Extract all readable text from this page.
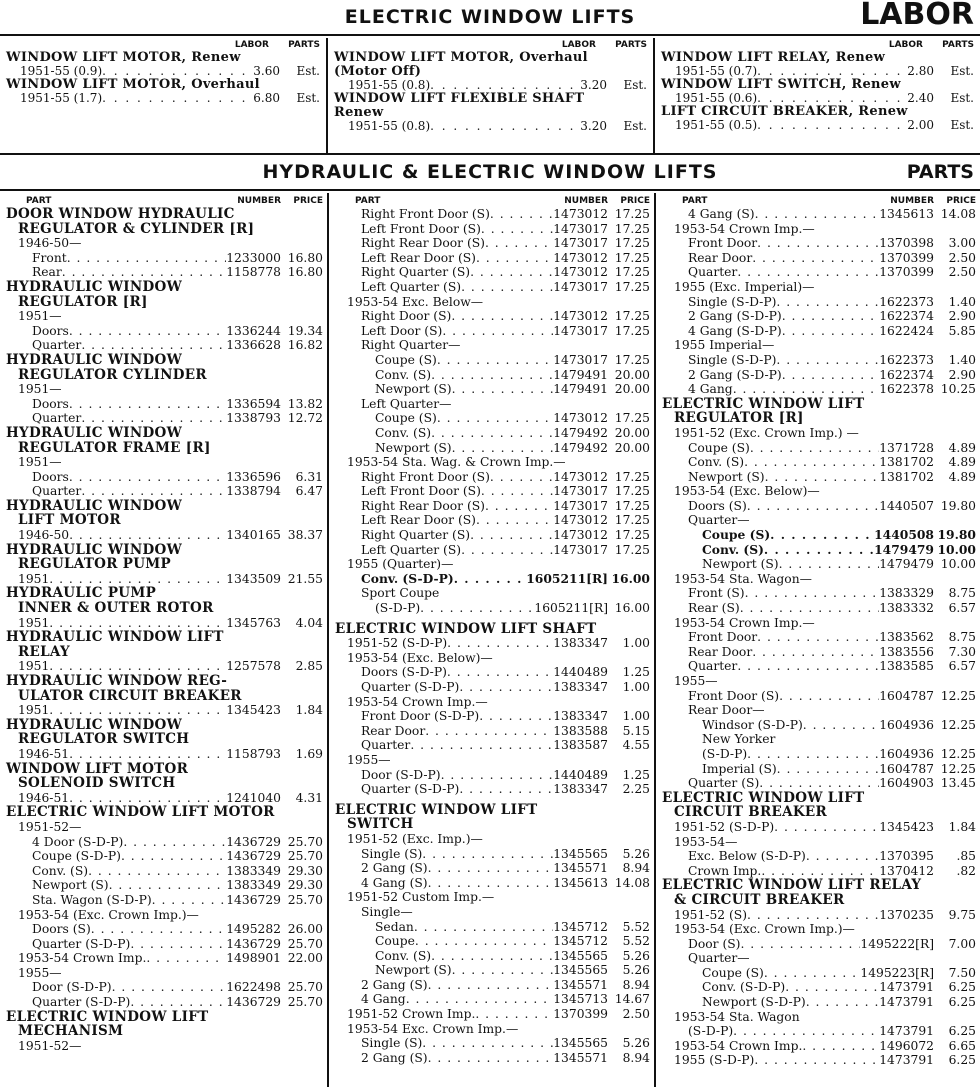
ELECTRIC WINDOW LIFTS	LABOR
LABOR PARTS
WINDOW LIFT MOTOR, Renew
1951-55 (0.9) . . .	3.60	Est.
WINDOW LIFT MOTOR, Overhaul
1951-55 (1.7) . . .	6.80	Est.
LABOR PARTS
WINDOW LIFT MOTOR, Overhaul
(Motor Off)
1951-55 (0.8) . . .	3.20	Est.
WINDOW LIFT FLEXIBLE SHAFT
Renew
1951-55 (0.8) . . .	3.20	Est.
LABOR PARTS
WINDOW LIFT RELAY, Renew
1951-55 (0.7) . . .	2.80	Est.
WINDOW LIFT SWITCH, Renew
1951-55 (0.6) . . .	2.40	Est.
LIFT CIRCUIT BREAKER, Renew
1951-55 (0.5) . . .	2.00	Est.
HYDRAULIC & ELECTRIC WINDOW LIFTS	PARTS
PART	NUMBER	PRICE
DOOR WINDOW HYDRAULIC
REGULATOR & CYLINDER [R]
1946-50—
Front . . .	1233000 16.80
Rear . . .	1158778 16.80
HYDRAULIC WINDOW
REGULATOR [R]
1951—
Doors . . .	1336244 19.34
Quarter . . .	1336628 16.82
HYDRAULIC WINDOW
REGULATOR CYLINDER
1951—
Doors . . .	1336594 13.82
Quarter . . .	1338793 12.72
HYDRAULIC WINDOW
REGULATOR FRAME [R]
1951—
Doors . . .	1336596	6.31
Quarter . . .	1338794	6.47
HYDRAULIC WINDOW
LIFT MOTOR
1946-50 . . .	1340165 38.37
HYDRAULIC WINDOW
REGULATOR PUMP
1951 . . .	1343509 21.55
HYDRAULIC PUMP
INNER & OUTER ROTOR
1951 . . .	1345763	4.04
HYDRAULIC WINDOW LIFT
RELAY
1951 . . .	1257578	2.85
HYDRAULIC WINDOW REG-
ULATOR CIRCUIT BREAKER
1951 . . .	1345423	1.84
HYDRAULIC WINDOW
REGULATOR SWITCH
1946-51 . . .	1158793	1.69
WINDOW LIFT MOTOR
SOLENOID SWITCH
1946-51 . . .	1241040	4.31
ELECTRIC WINDOW LIFT MOTOR
1951-52—
4 Door (S-D-P) . . .	1436729 25.70
Coupe (S-D-P) . . .	1436729 25.70
Conv. (S) . . .	1383349 29.30
Newport (S) . . .	1383349 29.30
Sta. Wagon (S-D-P) . . .	1436729 25.70
1953-54 (Exc. Crown Imp.)—
Doors (S) . . .	1495282 26.00
Quarter (S-D-P) . . .	1436729 25.70
1953-54 Crown Imp. . . .	1498901 22.00
1955—
Door (S-D-P) . . .	1622498 25.70
Quarter (S-D-P) . . .	1436729 25.70
ELECTRIC WINDOW LIFT
MECHANISM
1951-52—
PART	NUMBER	PRICE
Right Front Door (S) . . .	1473012 17.25
Left Front Door (S) . . .	1473017 17.25
Right Rear Door (S) . . .	1473017 17.25
Left Rear Door (S) . . .	1473012 17.25
Right Quarter (S) . . .	1473012 17.25
Left Quarter (S) . . .	1473017 17.25
1953-54 Exc. Below—
Right Door (S) . . .	1473012 17.25
Left Door (S) . . .	1473017 17.25
Right Quarter—
Coupe (S) . . .	1473017 17.25
Conv. (S) . . .	1479491 20.00
Newport (S) . . .	1479491 20.00
Left Quarter—
Coupe (S) . . .	1473012 17.25
Conv. (S) . . .	1479492 20.00
Newport (S) . . .	1479492 20.00
1953-54 Sta. Wag. & Crown Imp.—
Right Front Door (S) . . .	1473012 17.25
Left Front Door (S) . . .	1473017 17.25
Right Rear Door (S) . . .	1473017 17.25
Left Rear Door (S) . . .	1473012 17.25
Right Quarter (S) . . .	1473012 17.25
Left Quarter (S) . . .	1473017 17.25
1955 (Quarter)—
Conv. (S-D-P) . . .	1605211[R] 16.00
Sport Coupe
(S-D-P) . . .	1605211[R] 16.00
ELECTRIC WINDOW LIFT SHAFT
1951-52 (S-D-P) . . .	1383347	1.00
1953-54 (Exc. Below)—
Doors (S-D-P) . . .	1440489	1.25
Quarter (S-D-P) . . .	1383347	1.00
1953-54 Crown Imp.—
Front Door (S-D-P) . . .	1383347	1.00
Rear Door . . .	1383588	5.15
Quarter . . .	1383587	4.55
1955—
Door (S-D-P) . . .	1440489	1.25
Quarter (S-D-P) . . .	1383347	2.25
ELECTRIC WINDOW LIFT
SWITCH
1951-52 (Exc. Imp.)—
Single (S) . . .	1345565	5.26
2 Gang (S) . . .	1345571	8.94
4 Gang (S) . . .	1345613 14.08
1951-52 Custom Imp.—
Single—
Sedan . . .	1345712	5.52
Coupe . . .	1345712	5.52
Conv. (S) . . .	1345565	5.26
Newport (S) . . .	1345565	5.26
2 Gang (S) . . .	1345571	8.94
4 Gang . . .	1345713 14.67
1951-52 Crown Imp. . . .	1370399	2.50
1953-54 Exc. Crown Imp.—
Single (S) . . .	1345565	5.26
2 Gang (S) . . .	1345571	8.94
PART	NUMBER	PRICE
4 Gang (S) . . .	1345613 14.08
1953-54 Crown Imp.—
Front Door . . .	1370398	3.00
Rear Door . . .	1370399	2.50
Quarter . . .	1370399	2.50
1955 (Exc. Imperial)—
Single (S-D-P) . . .	1622373	1.40
2 Gang (S-D-P) . . .	1622374	2.90
4 Gang (S-D-P) . . .	1622424	5.85
1955 Imperial—
Single (S-D-P) . . .	1622373	1.40
2 Gang (S-D-P) . . .	1622374	2.90
4 Gang . . .	1622378 10.25
ELECTRIC WINDOW LIFT
REGULATOR [R]
1951-52 (Exc. Crown Imp.) —
Coupe (S) . . .	1371728	4.89
Conv. (S) . . .	1381702	4.89
Newport (S) . . .	1381702	4.89
1953-54 (Exc. Below)—
Doors (S) . . .	1440507 19.80
Quarter—
Coupe (S) . . .	1440508 19.80
Conv. (S) . . .	1479479 10.00
Newport (S) . . .	1479479 10.00
1953-54 Sta. Wagon—
Front (S) . . .	1383329	8.75
Rear (S) . . .	1383332	6.57
1953-54 Crown Imp.—
Front Door . . .	1383562	8.75
Rear Door . . .	1383556	7.30
Quarter . . .	1383585	6.57
1955—
Front Door (S) . . .	1604787 12.25
Rear Door—
Windsor (S-D-P) . . .	1604936 12.25
New Yorker
(S-D-P) . . .	1604936 12.25
Imperial (S) . . .	1604787 12.25
Quarter (S) . . .	1604903 13.45
ELECTRIC WINDOW LIFT
CIRCUIT BREAKER
1951-52 (S-D-P) . . .	1345423	1.84
1953-54—
Exc. Below (S-D-P) . . .	1370395	.85
Crown Imp. . . .	1370412	.82
ELECTRIC WINDOW LIFT RELAY
& CIRCUIT BREAKER
1951-52 (S) . . .	1370235	9.75
1953-54 (Exc. Crown Imp.)—
Door (S) . . .	1495222[R]	7.00
Quarter—
Coupe (S) . . .	1495223[R]	7.50
Conv. (S-D-P) . . .	1473791	6.25
Newport (S-D-P) . . .	1473791	6.25
1953-54 Sta. Wagon
(S-D-P) . . .	1473791	6.25
1953-54 Crown Imp. . . .	1496072	6.65
1955 (S-D-P) . . .	1473791	6.25
